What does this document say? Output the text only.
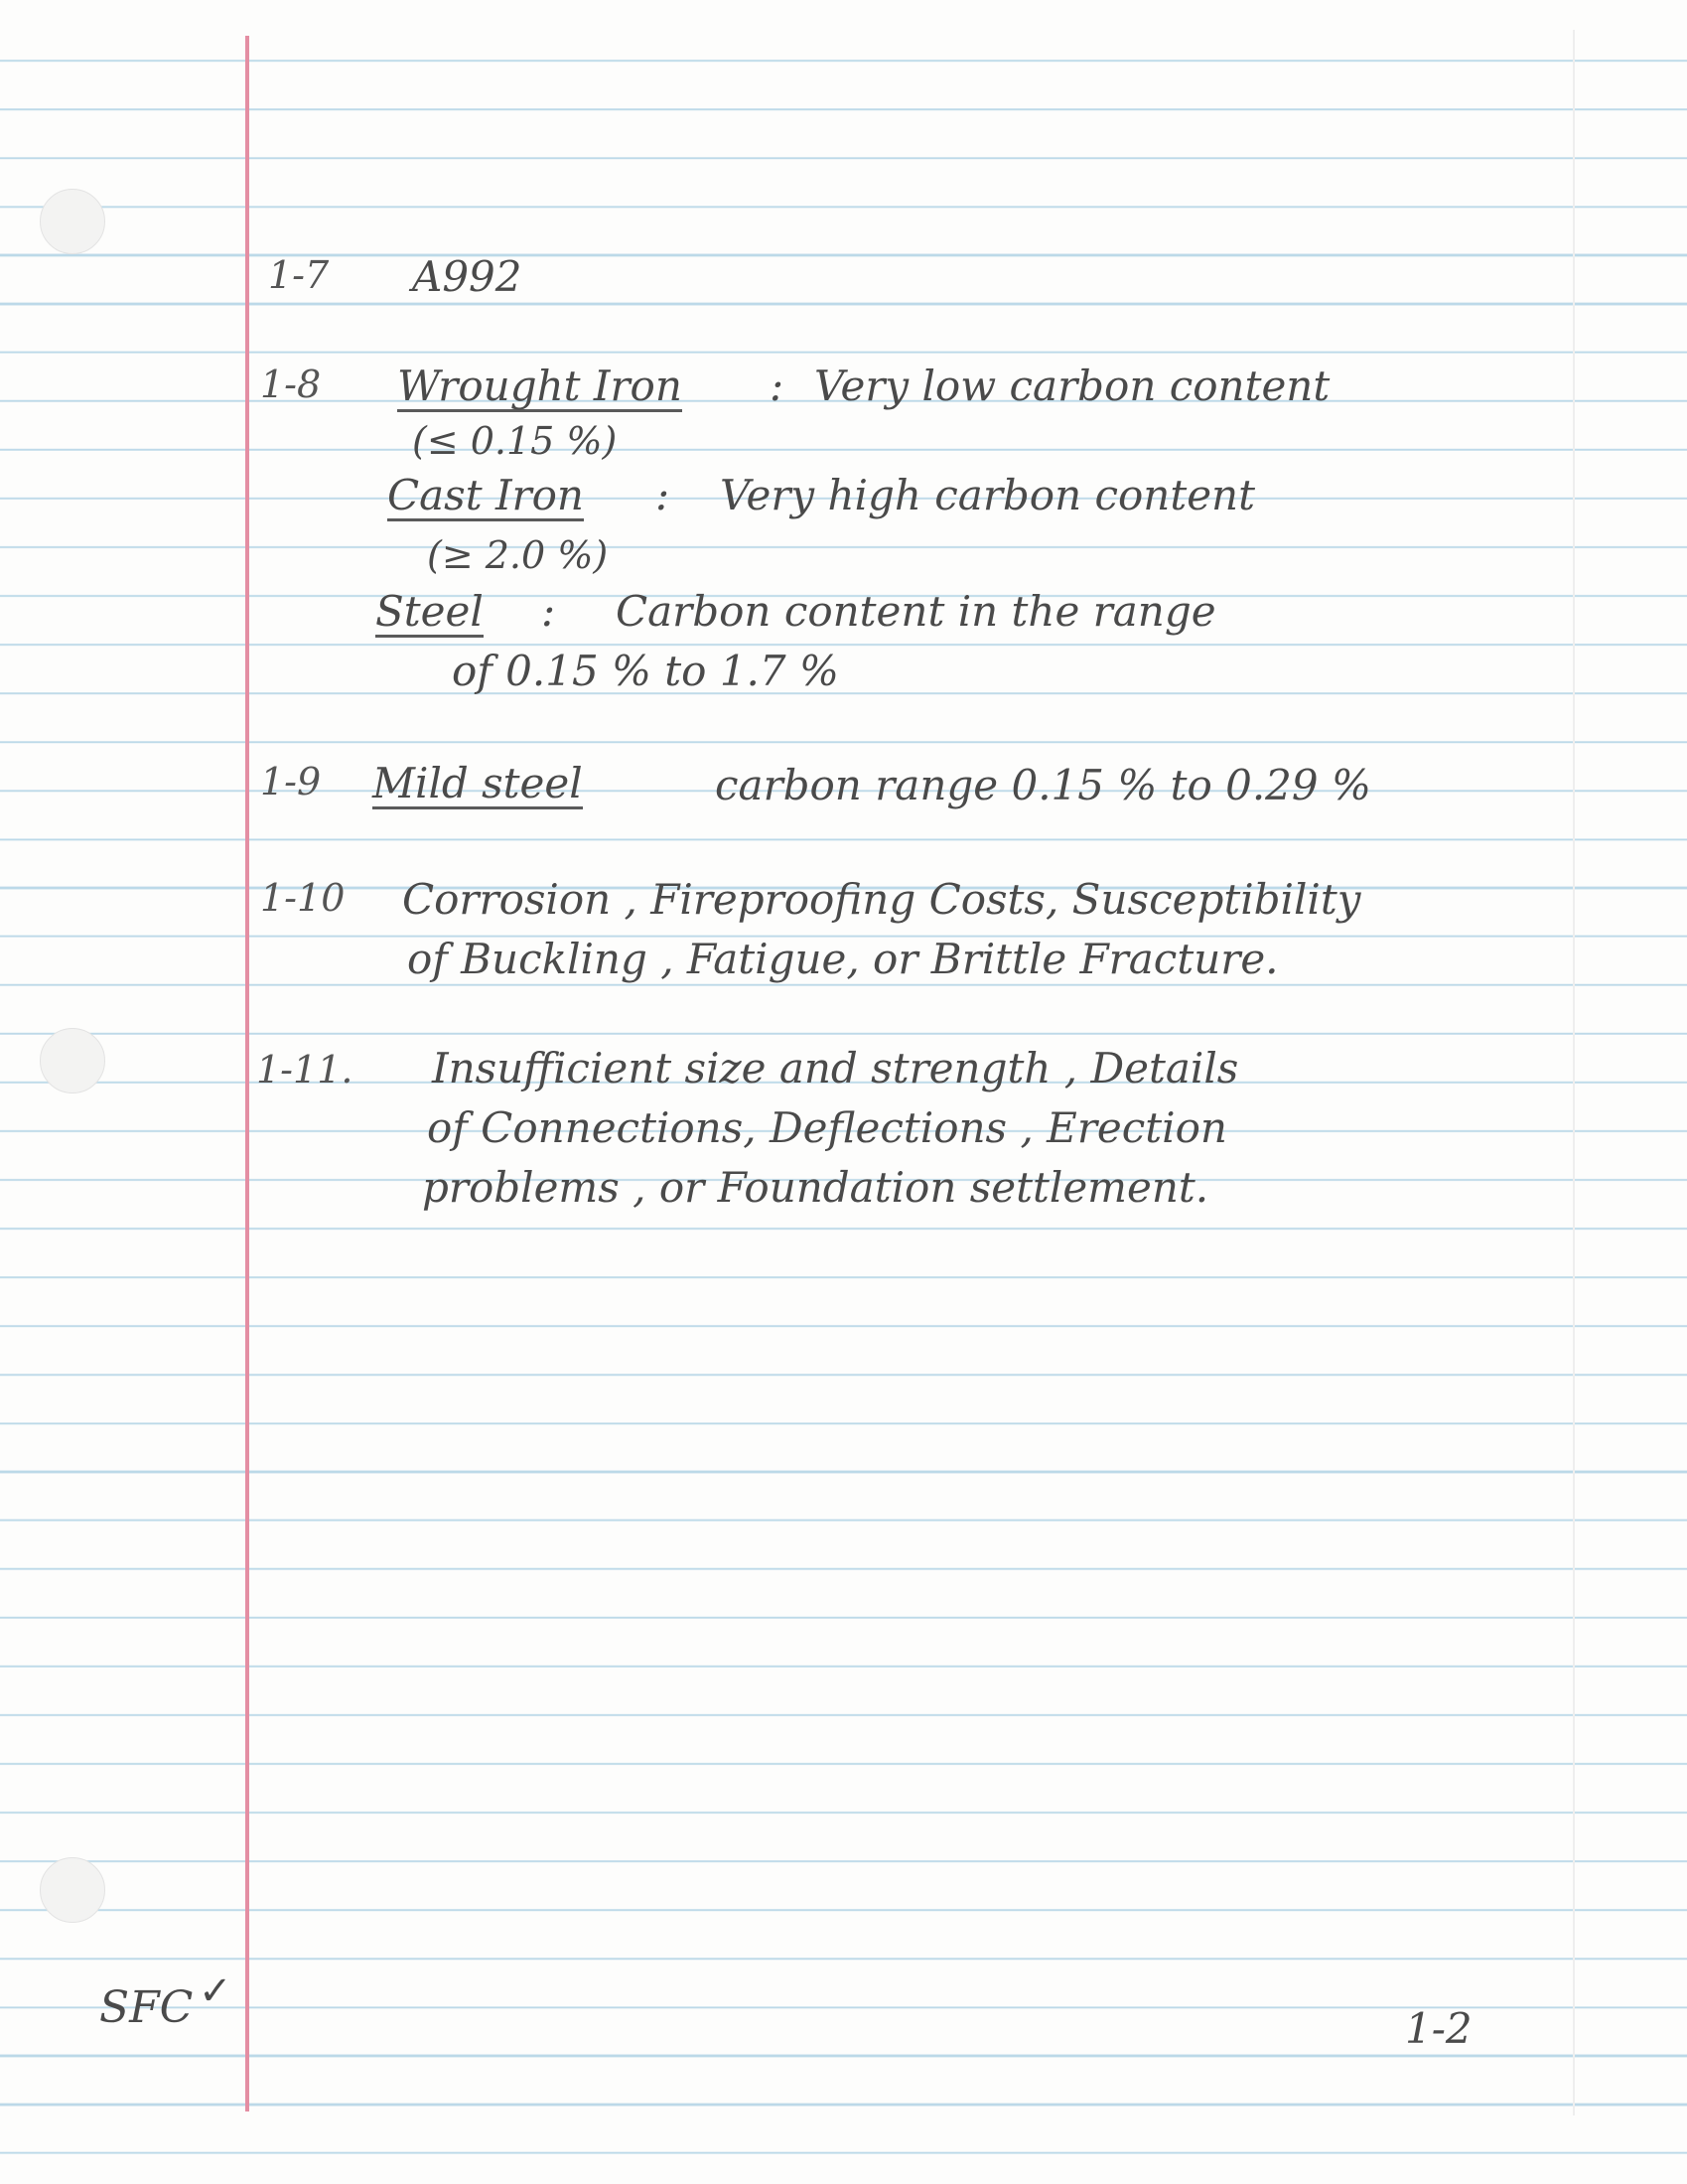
1-7 A992
1-8 Wrought Iron : Very low carbon content
(≤ 0.15 %)
Cast Iron : Very high carbon content
(≥ 2.0 %)
Steel : Carbon content in the range
of 0.15 % to 1.7 %
1-9 Mild steel	carbon range 0.15 % to 0.29 %
1-10 Corrosion , Fireproofing Costs, Susceptibility
of Buckling , Fatigue, or Brittle Fracture.
1-11. Insufficient size and strength , Details
of Connections, Deflections , Erection
problems , or Foundation settlement.
SFC ✓
1-2
